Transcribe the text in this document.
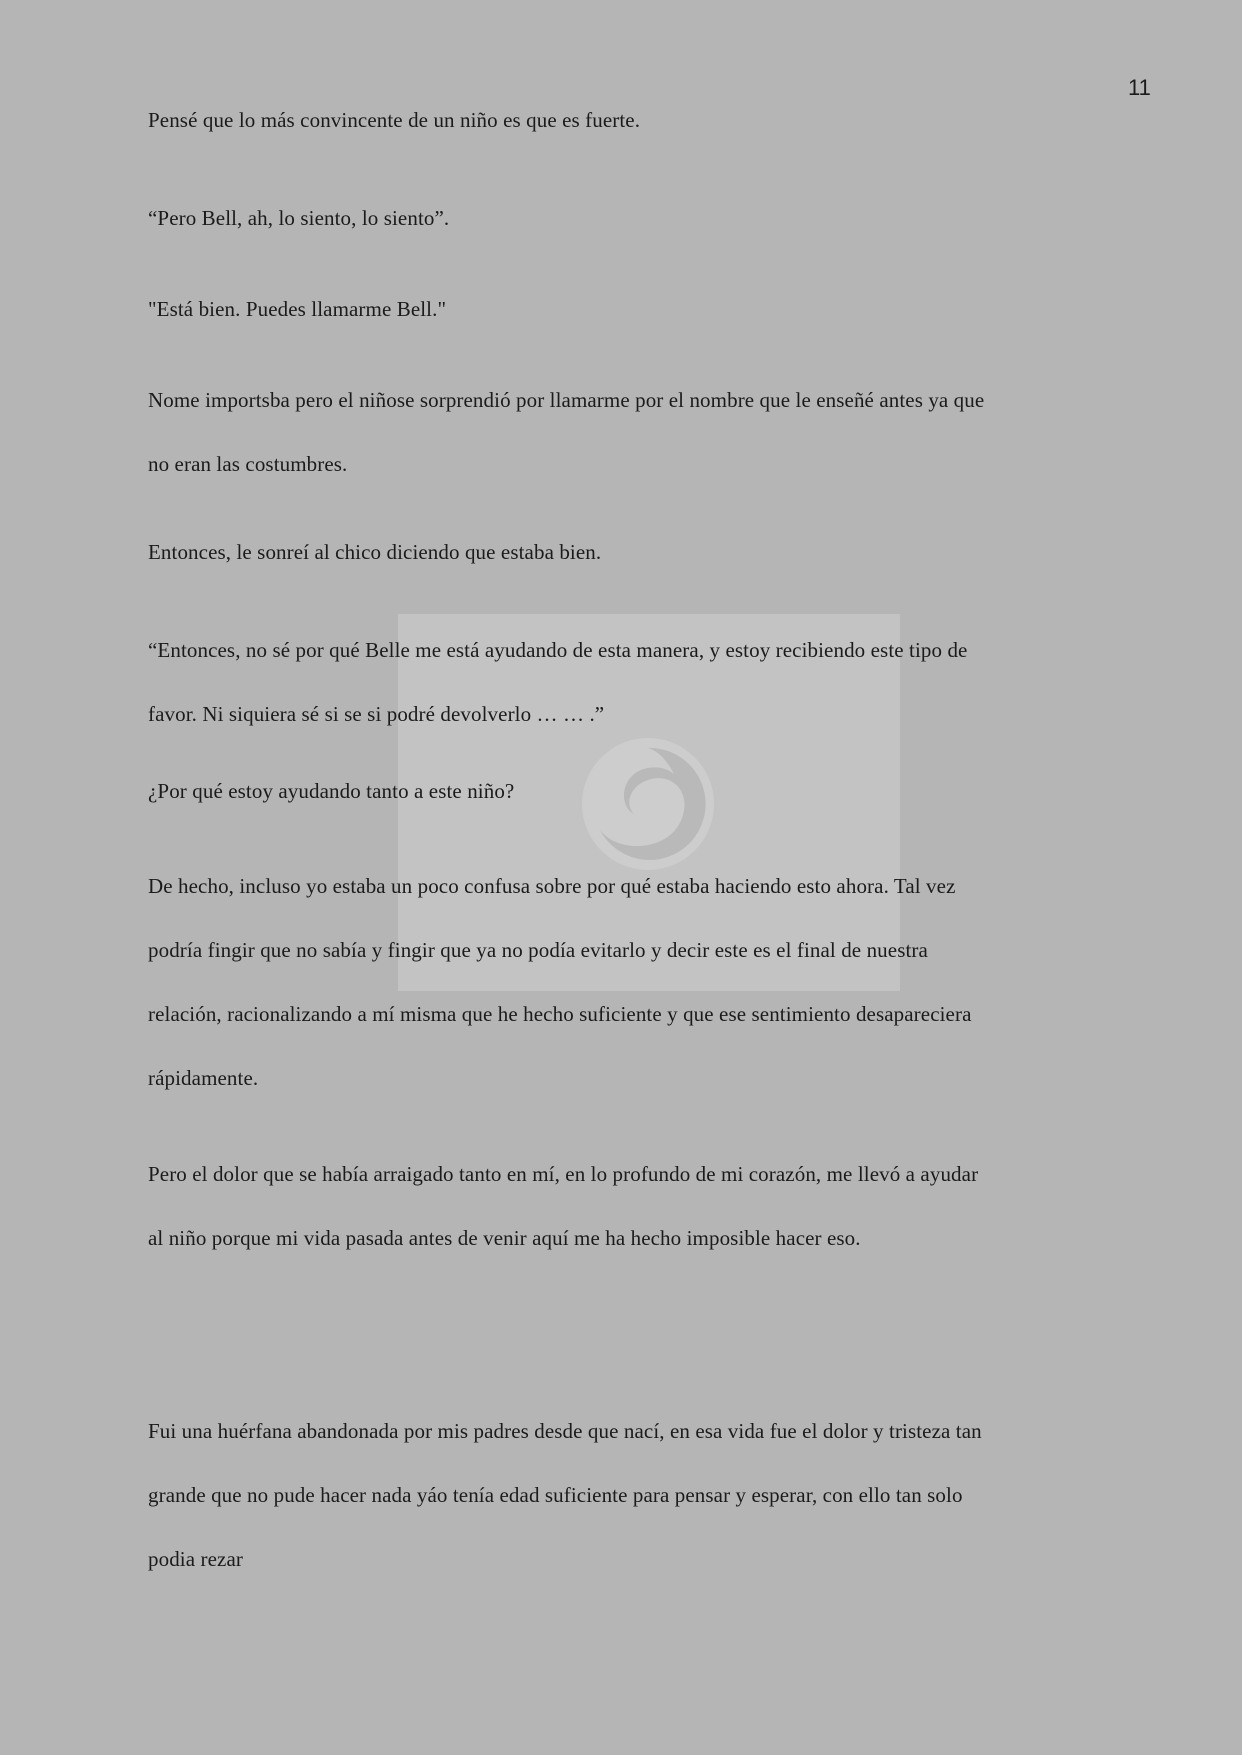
11
Pensé que lo más convincente de un niño es que es fuerte.
“Pero Bell, ah, lo siento, lo siento”.
"Está bien. Puedes llamarme Bell."
Nome importsba pero el niñose sorprendió por llamarme por el nombre que le enseñé antes ya que
no eran las costumbres.
Entonces, le sonreí al chico diciendo que estaba bien.
“Entonces, no sé por qué Belle me está ayudando de esta manera, y estoy recibiendo este tipo de
favor. Ni siquiera sé si se si podré devolverlo … … .”
¿Por qué estoy ayudando tanto a este niño?
De hecho, incluso yo estaba un poco confusa sobre por qué estaba haciendo esto ahora. Tal vez
podría fingir que no sabía y fingir que ya no podía evitarlo y decir este es el final de nuestra
relación, racionalizando a mí misma que he hecho suficiente y que ese sentimiento desapareciera
rápidamente.
Pero el dolor que se había arraigado tanto en mí, en lo profundo de mi corazón, me llevó a ayudar
al niño porque mi vida pasada antes de venir aquí me ha hecho imposible hacer eso.
Fui una huérfana abandonada por mis padres desde que nací, en esa vida fue el dolor y tristeza tan
grande que no pude hacer nada yáo tenía edad suficiente para pensar y esperar, con ello tan solo
podia rezar
